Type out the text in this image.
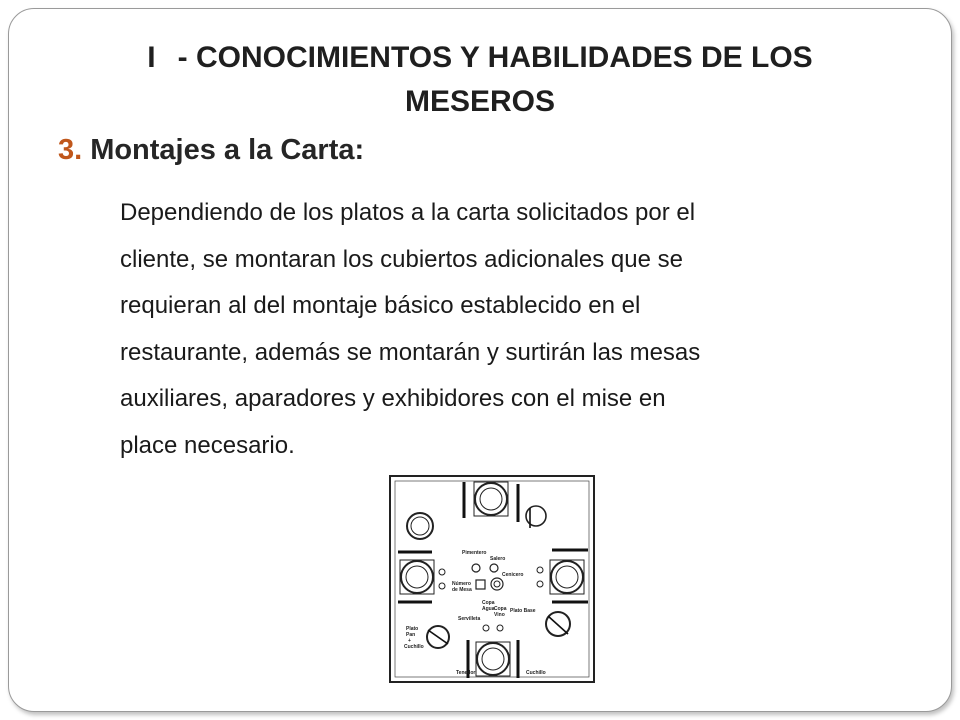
I - CONOCIMIENTOS Y HABILIDADES DE LOS
MESEROS
3. Montajes a la Carta:
Dependiendo de los platos a la carta solicitados por el
cliente, se montaran los cubiertos adicionales que se
requieran al del montaje básico establecido en el
restaurante, además se montarán y surtirán las mesas
auxiliares, aparadores y exhibidores con el mise en
place necesario.
Pimentero
Salero
Cenicero
Número
de Mesa
Copa
Agua Copa
Vino
Plato Base
Servilleta
Plato
Pan
+
Cuchillo
Tenedor	Cuchillo
